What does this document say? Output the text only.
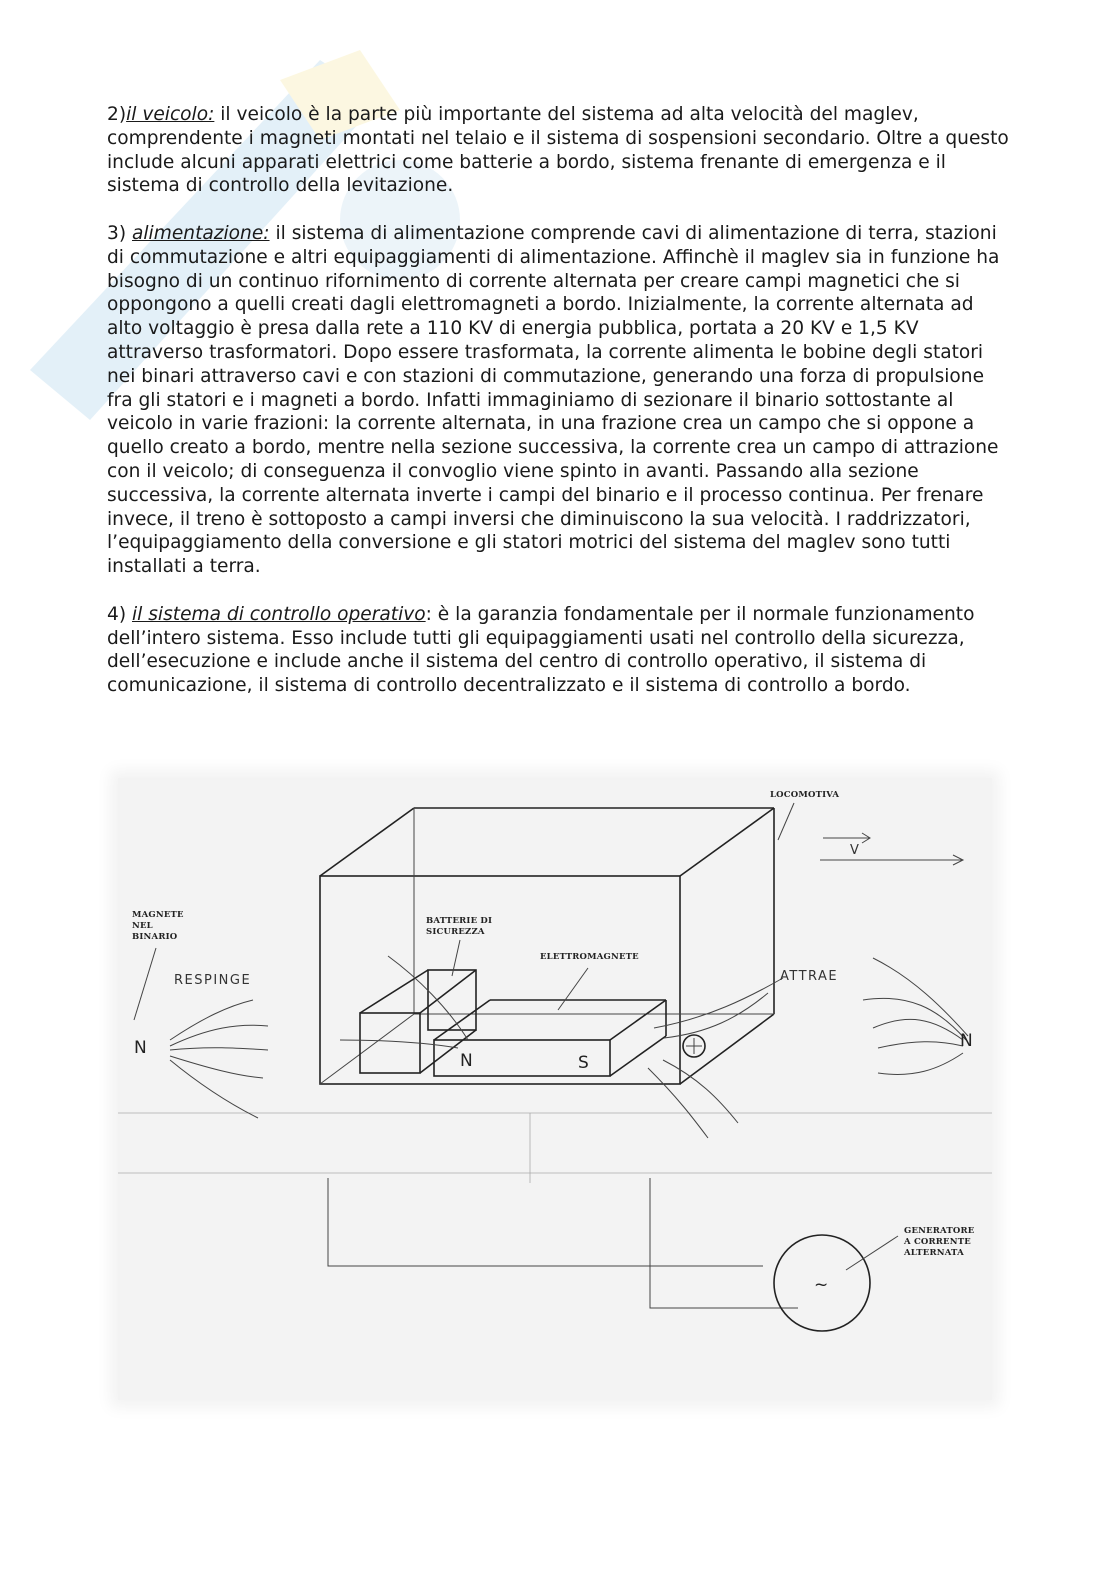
2)il veicolo: il veicolo è la parte più importante del sistema ad alta velocità del maglev, comprendente i magneti montati nel telaio e il sistema di sospensioni secondario. Oltre a questo include alcuni apparati elettrici come batterie a bordo, sistema frenante di emergenza e il sistema di controllo della levitazione.

3) alimentazione: il sistema di alimentazione comprende cavi di alimentazione di terra, stazioni di commutazione e altri equipaggiamenti di alimentazione. Affinchè il maglev sia in funzione ha bisogno di un continuo rifornimento di corrente alternata per creare campi magnetici che si oppongono a quelli creati dagli elettromagneti a bordo. Inizialmente, la corrente alternata ad alto voltaggio è presa dalla rete a 110 KV di energia pubblica, portata a 20 KV e 1,5 KV attraverso trasformatori. Dopo essere trasformata, la corrente alimenta le bobine degli statori nei binari attraverso cavi e con stazioni di commutazione, generando una forza di propulsione fra gli statori e i magneti a bordo. Infatti immaginiamo di sezionare il binario sottostante al veicolo in varie frazioni: la corrente alternata, in una frazione crea un campo che si oppone a quello creato a bordo, mentre nella sezione successiva, la corrente crea un campo di attrazione con il veicolo; di conseguenza il convoglio viene spinto in avanti. Passando alla sezione successiva, la corrente alternata inverte i campi del binario e il processo continua. Per frenare invece, il treno è sottoposto a campi inversi che diminuiscono la sua velocità. I raddrizzatori, l’equipaggiamento della conversione e gli statori motrici del sistema del maglev sono tutti installati a terra.

4) il sistema di controllo operativo: è la garanzia fondamentale per il normale funzionamento dell’intero sistema. Esso include tutti gli equipaggiamenti usati nel controllo della sicurezza, dell’esecuzione e include anche il sistema del centro di controllo operativo, il sistema di comunicazione, il sistema di controllo decentralizzato e il sistema di controllo a bordo.

V
~
LOCOMOTIVA
MAGNETE
NEL
BINARIO
BATTERIE DI
SICUREZZA
ELETTROMAGNETE
RESPINGE	ATTRAE
N	N
N	S
GENERATORE
A CORRENTE
ALTERNATA
